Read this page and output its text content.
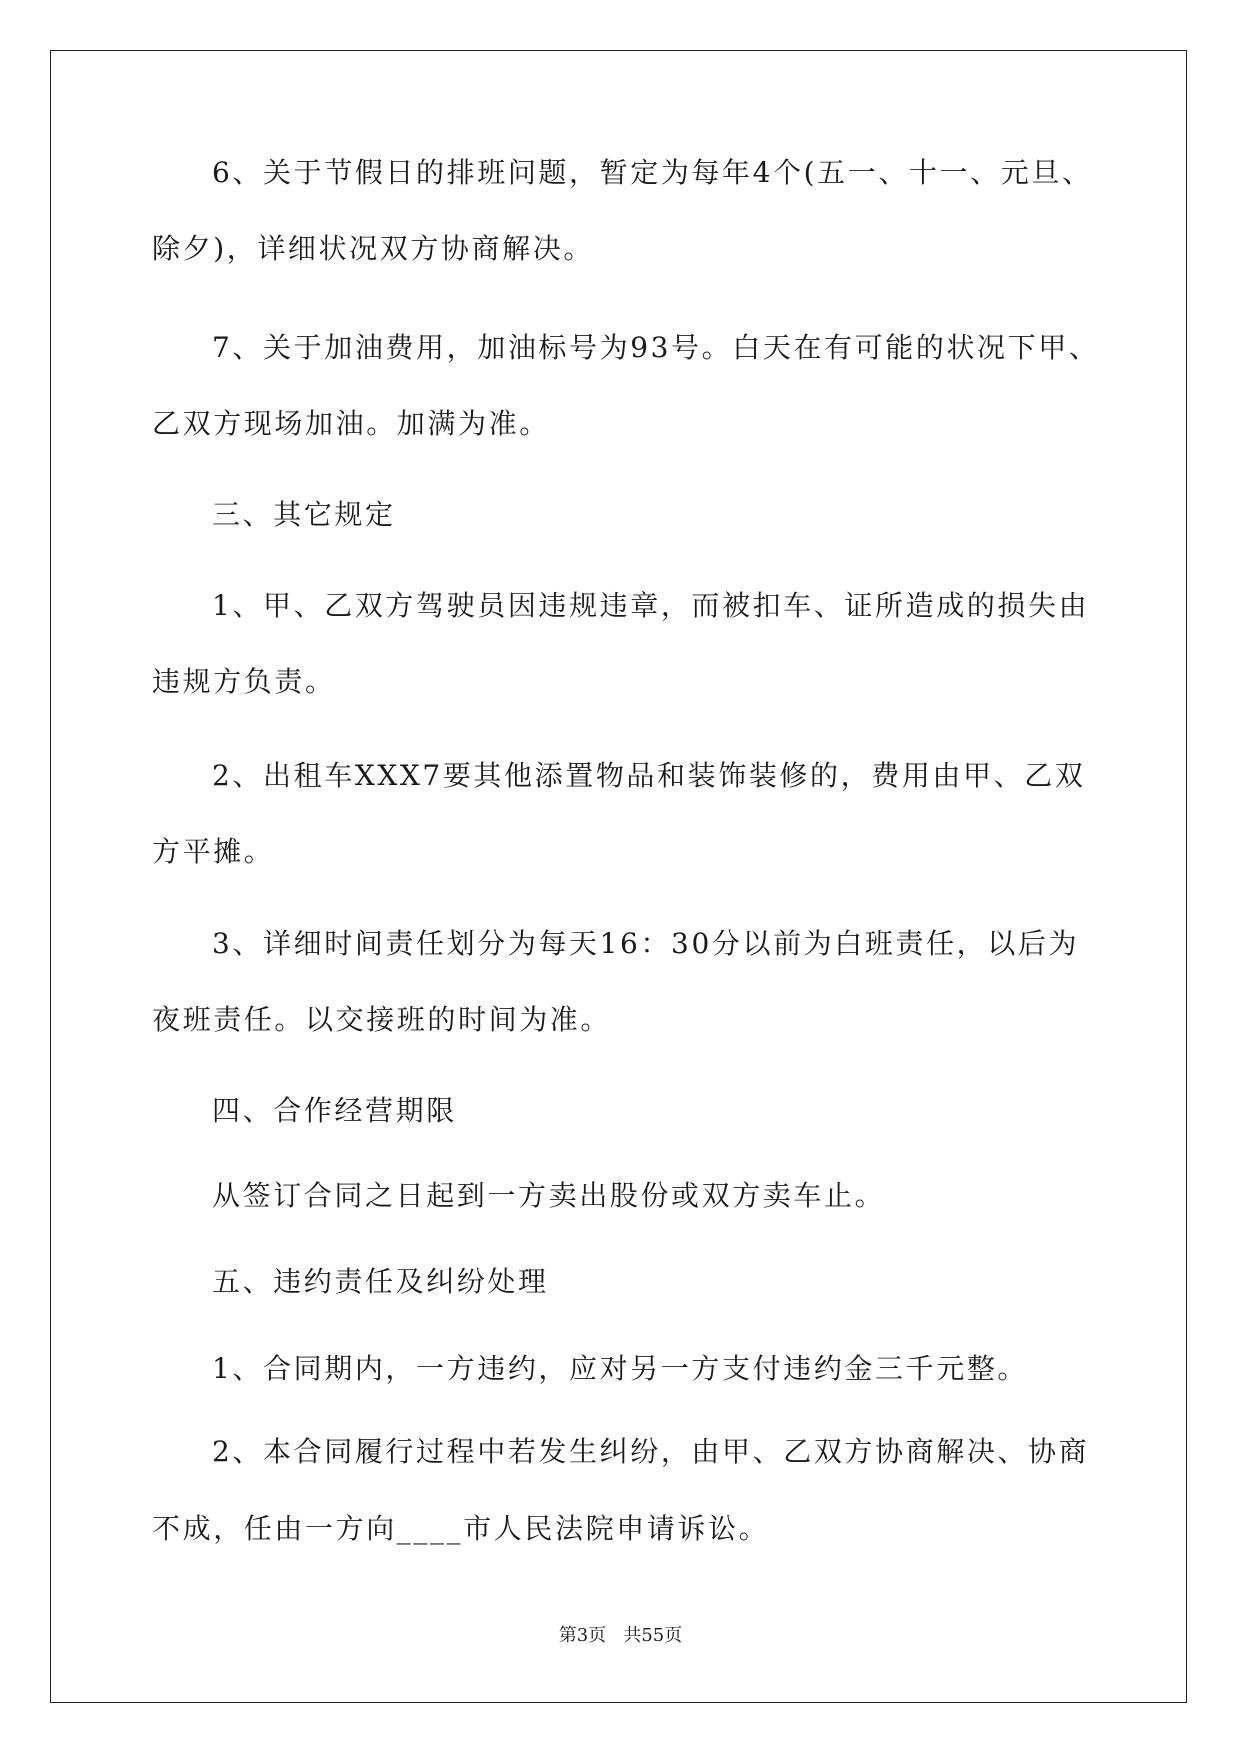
6、关于节假日的排班问题，暂定为每年4个(五一、十一、元旦、
除夕)，详细状况双方协商解决。
7、关于加油费用，加油标号为93号。白天在有可能的状况下甲、
乙双方现场加油。加满为准。
三、其它规定
1、甲、乙双方驾驶员因违规违章，而被扣车、证所造成的损失由
违规方负责。
2、出租车XXX7要其他添置物品和装饰装修的，费用由甲、乙双
方平摊。
3、详细时间责任划分为每天16：30分以前为白班责任，以后为
夜班责任。以交接班的时间为准。
四、合作经营期限
从签订合同之日起到一方卖出股份或双方卖车止。
五、违约责任及纠纷处理
1、合同期内，一方违约，应对另一方支付违约金三千元整。
2、本合同履行过程中若发生纠纷，由甲、乙双方协商解决、协商
不成，任由一方向____市人民法院申请诉讼。
第3页   共55页
